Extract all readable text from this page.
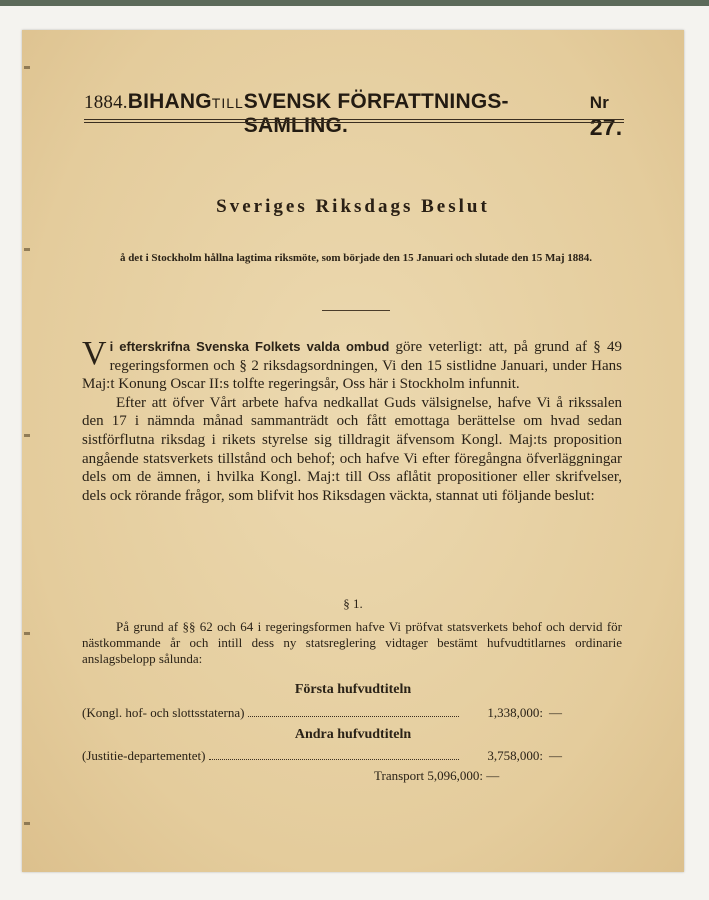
1884. BIHANG TILL SVENSK FÖRFATTNINGS-SAMLING.
Nr 27.
Sveriges Riksdags Beslut
å det i Stockholm hållna lagtima riksmöte, som började den 15 Januari och slutade den 15 Maj 1884.

Vi efterskrifna Svenska Folkets valda ombud göre veterligt: att, på grund af § 49 regeringsformen och § 2 riksdagsordningen, Vi den 15 sistlidne Januari, under Hans Maj:t Konung Oscar II:s tolfte regeringsår, Oss här i Stockholm infunnit.

Efter att öfver Vårt arbete hafva nedkallat Guds välsignelse, hafve Vi å rikssalen den 17 i nämnda månad sammanträdt och fått emottaga berättelse om hvad sedan sistförflutna riksdag i rikets styrelse sig tilldragit äfvensom Kongl. Maj:ts proposition angående statsverkets tillstånd och behof; och hafve Vi efter föregångna öfverläggningar dels om de ämnen, i hvilka Kongl. Maj:t till Oss aflåtit propositioner eller skrifvelser, dels ock rörande frågor, som blifvit hos Riksdagen väckta, stannat uti följande beslut:

§ 1.
På grund af §§ 62 och 64 i regeringsformen hafve Vi pröfvat statsverkets behof och dervid för nästkommande år och intill dess ny statsreglering vidtager bestämt hufvudtitlarnes ordinarie anslagsbelopp sålunda:
Första hufvudtiteln
(Kongl. hof- och slottsstaterna)	1,338,000: —
Andra hufvudtiteln
(Justitie-departementet)	3,758,000: —
Transport 5,096,000: —
